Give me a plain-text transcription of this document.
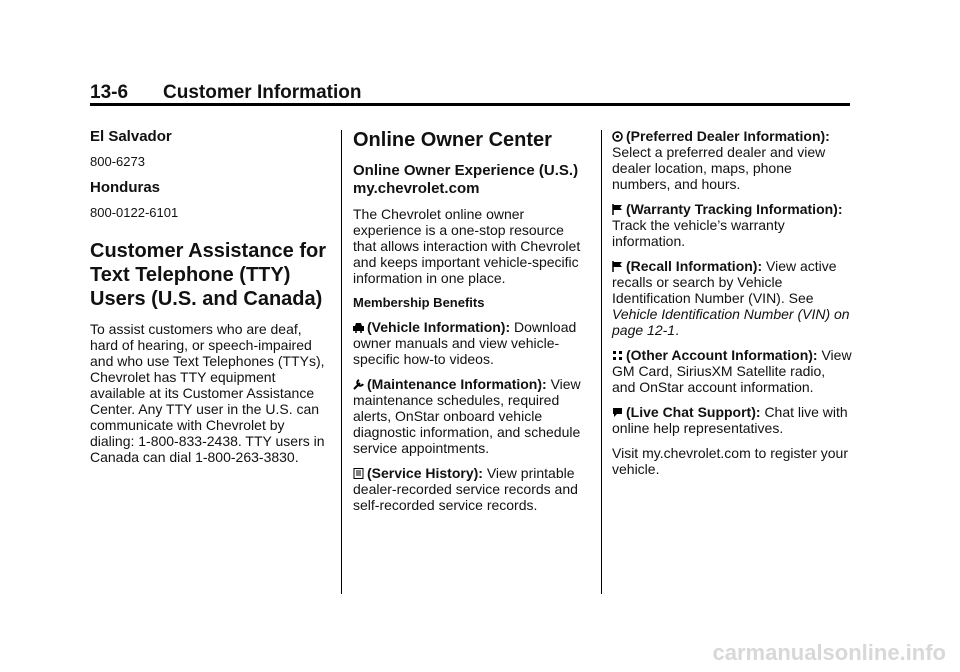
13-6 Customer Information
El Salvador

800-6273

Honduras

800-0122-6101

Customer Assistance for Text Telephone (TTY) Users (U.S. and Canada)

To assist customers who are deaf, hard of hearing, or speech-impaired and who use Text Telephones (TTYs), Chevrolet has TTY equipment available at its Customer Assistance Center. Any TTY user in the U.S. can communicate with Chevrolet by dialing: 1-800-833-2438. TTY users in Canada can dial 1-800-263-3830.

Online Owner Center
Online Owner Experience (U.S.) my.chevrolet.com

The Chevrolet online owner experience is a one-stop resource that allows interaction with Chevrolet and keeps important vehicle-specific information in one place.

Membership Benefits

(Vehicle Information): Download owner manuals and view vehicle-specific how-to videos.
(Maintenance Information): View maintenance schedules, required alerts, OnStar onboard vehicle diagnostic information, and schedule service appointments.
(Service History): View printable dealer-recorded service records and self-recorded service records.
(Preferred Dealer Information): Select a preferred dealer and view dealer location, maps, phone numbers, and hours.
(Warranty Tracking Information): Track the vehicle’s warranty information.
(Recall Information): View active recalls or search by Vehicle Identification Number (VIN). See Vehicle Identification Number (VIN) on page 12-1.
(Other Account Information): View GM Card, SiriusXM Satellite radio, and OnStar account information.
(Live Chat Support): Chat live with online help representatives.

Visit my.chevrolet.com to register your vehicle.

carmanualsonline.info
